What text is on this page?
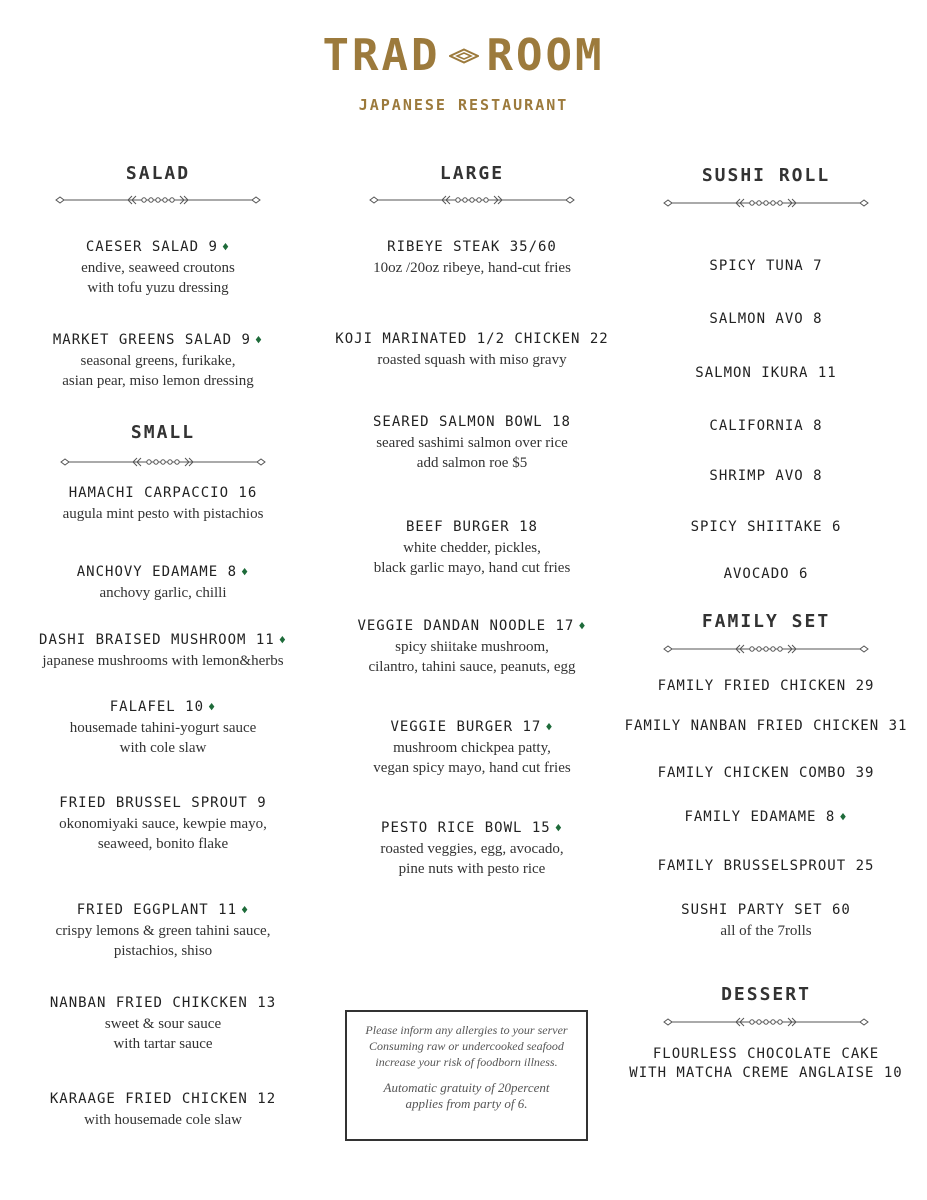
TRAD ROOM
JAPANESE RESTAURANT
SALAD
CAESER SALAD 9 ♦
endive, seaweed croutons
with tofu yuzu dressing
MARKET GREENS SALAD 9 ♦
seasonal greens, furikake,
asian pear, miso lemon dressing
SMALL
HAMACHI CARPACCIO 16
augula mint pesto with pistachios
ANCHOVY EDAMAME 8 ♦
anchovy garlic, chilli
DASHI BRAISED MUSHROOM 11 ♦
japanese mushrooms with lemon&herbs
FALAFEL 10 ♦
housemade tahini-yogurt sauce
with cole slaw
FRIED BRUSSEL SPROUT 9
okonomiyaki sauce, kewpie mayo,
seaweed, bonito flake
FRIED EGGPLANT 11 ♦
crispy lemons & green tahini sauce,
pistachios, shiso
NANBAN FRIED CHIKCKEN 13
sweet & sour sauce
with tartar sauce
KARAAGE FRIED CHICKEN 12
with housemade cole slaw
LARGE
RIBEYE STEAK 35/60
10oz /20oz ribeye, hand-cut fries
KOJI MARINATED 1/2 CHICKEN 22
roasted squash with miso gravy
SEARED SALMON BOWL 18
seared sashimi salmon over rice
add salmon roe $5
BEEF BURGER 18
white chedder, pickles,
black garlic mayo, hand cut fries
VEGGIE DANDAN NOODLE 17 ♦
spicy shiitake mushroom,
cilantro, tahini sauce, peanuts, egg
VEGGIE BURGER 17 ♦
mushroom chickpea patty,
vegan spicy mayo, hand cut fries
PESTO RICE BOWL 15 ♦
roasted veggies, egg, avocado,
pine nuts with pesto rice
SUSHI ROLL
SPICY TUNA 7
SALMON AVO 8
SALMON IKURA 11
CALIFORNIA 8
SHRIMP AVO 8
SPICY SHIITAKE 6
AVOCADO 6
FAMILY SET
FAMILY FRIED CHICKEN 29
FAMILY NANBAN FRIED CHICKEN 31
FAMILY CHICKEN COMBO 39
FAMILY EDAMAME 8 ♦
FAMILY BRUSSELSPROUT 25
SUSHI PARTY SET 60
all of the 7rolls
DESSERT
FLOURLESS CHOCOLATE CAKE
WITH MATCHA CREME ANGLAISE 10

Please inform any allergies to your server

Consuming raw or undercooked seafood

increase your risk of foodborn illness.

Automatic gratuity of 20percent

applies from party of 6.
